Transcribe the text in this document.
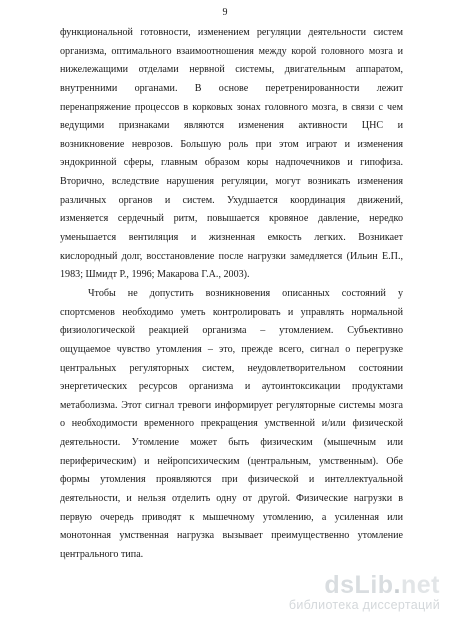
9
функциональной готовности, изменением регуляции деятельности систем
организма, оптимального взаимоотношения между корой головного мозга и
нижележащими отделами нервной системы, двигательным аппаратом,
внутренними органами. В основе перетренированности лежит
перенапряжение процессов в корковых зонах головного мозга, в связи с чем
ведущими признаками являются изменения активности ЦНС и
возникновение неврозов. Большую роль при этом играют и изменения
эндокринной сферы, главным образом коры надпочечников и гипофиза.
Вторично, вследствие нарушения регуляции, могут возникать изменения
различных органов и систем. Ухудшается координация движений,
изменяется сердечный ритм, повышается кровяное давление, нередко
уменьшается вентиляция и жизненная емкость легких. Возникает
кислородный долг, восстановление после нагрузки замедляется (Ильин Е.П.,
1983; Шмидт Р., 1996; Макарова Г.А., 2003).
Чтобы не допустить возникновения описанных состояний у
спортсменов необходимо уметь контролировать и управлять нормальной
физиологической реакцией организма – утомлением. Субъективно
ощущаемое чувство утомления – это, прежде всего, сигнал о перегрузке
центральных регуляторных систем, неудовлетворительном состоянии
энергетических ресурсов организма и аутоинтоксикации продуктами
метаболизма. Этот сигнал тревоги информирует регуляторные системы мозга
о необходимости временного прекращения умственной и/или физической
деятельности. Утомление может быть физическим (мышечным или
периферическим) и нейропсихическим (центральным, умственным). Обе
формы утомления проявляются при физической и интеллектуальной
деятельности, и нельзя отделить одну от другой. Физические нагрузки в
первую очередь приводят к мышечному утомлению, а усиленная или
монотонная умственная нагрузка вызывает преимущественно утомление
центрального типа.
dsLib.net
библиотека диссертаций
